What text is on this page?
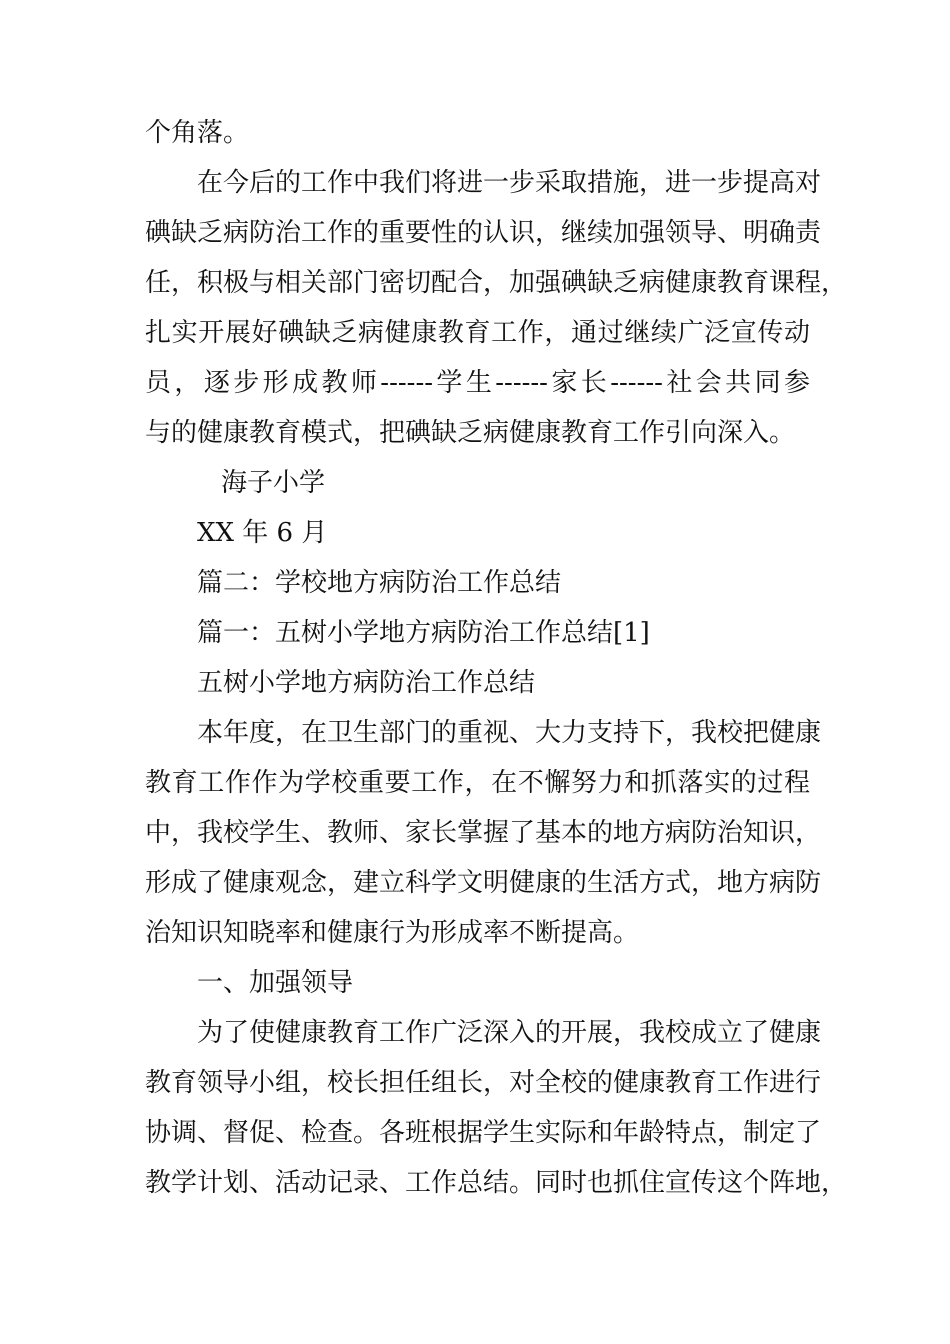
个角落。
在今后的工作中我们将进一步采取措施，进一步提高对
碘缺乏病防治工作的重要性的认识，继续加强领导、明确责
任，积极与相关部门密切配合，加强碘缺乏病健康教育课程，
扎实开展好碘缺乏病健康教育工作，通过继续广泛宣传动
员，逐步形成教师------学生------家长------社会共同参
与的健康教育模式，把碘缺乏病健康教育工作引向深入。
海子小学
XX 年 6 月
篇二：学校地方病防治工作总结
篇一：五树小学地方病防治工作总结[1]
五树小学地方病防治工作总结
本年度，在卫生部门的重视、大力支持下，我校把健康
教育工作作为学校重要工作，在不懈努力和抓落实的过程
中，我校学生、教师、家长掌握了基本的地方病防治知识，
形成了健康观念，建立科学文明健康的生活方式，地方病防
治知识知晓率和健康行为形成率不断提高。
一、加强领导
为了使健康教育工作广泛深入的开展，我校成立了健康
教育领导小组，校长担任组长，对全校的健康教育工作进行
协调、督促、检查。各班根据学生实际和年龄特点，制定了
教学计划、活动记录、工作总结。同时也抓住宣传这个阵地，
